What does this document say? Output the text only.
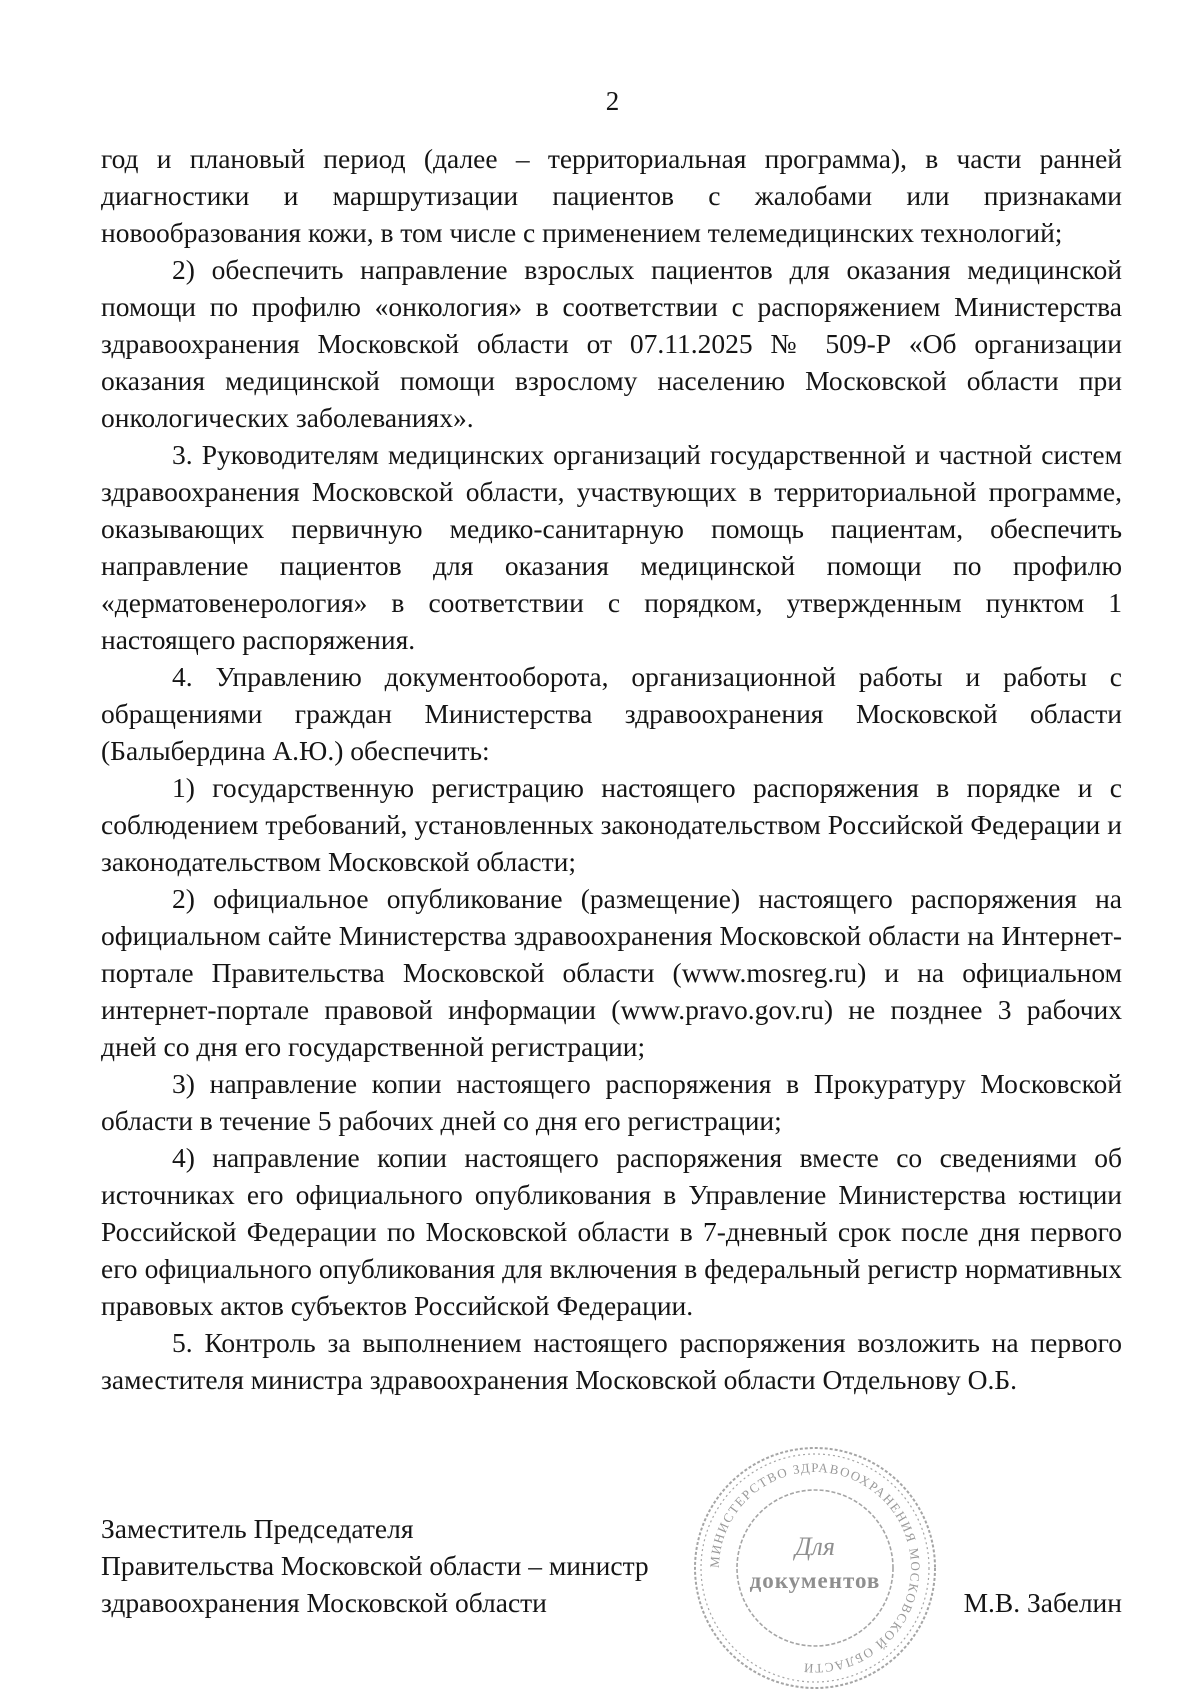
2

год и плановый период (далее – территориальная программа), в части ранней диагностики и маршрутизации пациентов с жалобами или признаками новообразования кожи, в том числе с применением телемедицинских технологий;

2) обеспечить направление взрослых пациентов для оказания медицинской помощи по профилю «онкология» в соответствии с распоряжением Министерства здравоохранения Московской области от 07.11.2025 № 509-Р «Об организации оказания медицинской помощи взрослому населению Московской области при онкологических заболеваниях».

3. Руководителям медицинских организаций государственной и частной систем здравоохранения Московской области, участвующих в территориальной программе, оказывающих первичную медико-санитарную помощь пациентам, обеспечить направление пациентов для оказания медицинской помощи по профилю «дерматовенерология» в соответствии с порядком, утвержденным пунктом 1 настоящего распоряжения.

4. Управлению документооборота, организационной работы и работы с обращениями граждан Министерства здравоохранения Московской области (Балыбердина А.Ю.) обеспечить:

1) государственную регистрацию настоящего распоряжения в порядке и с соблюдением требований, установленных законодательством Российской Федерации и законодательством Московской области;

2) официальное опубликование (размещение) настоящего распоряжения на официальном сайте Министерства здравоохранения Московской области на Интернет-портале Правительства Московской области (www.mosreg.ru) и на официальном интернет-портале правовой информации (www.pravo.gov.ru) не позднее 3 рабочих дней со дня его государственной регистрации;

3) направление копии настоящего распоряжения в Прокуратуру Московской области в течение 5 рабочих дней со дня его регистрации;

4) направление копии настоящего распоряжения вместе со сведениями об источниках его официального опубликования в Управление Министерства юстиции Российской Федерации по Московской области в 7-дневный срок после дня первого его официального опубликования для включения в федеральный регистр нормативных правовых актов субъектов Российской Федерации.

5. Контроль за выполнением настоящего распоряжения возложить на первого заместителя министра здравоохранения Московской области Отдельнову О.Б.

Заместитель Председателя
Правительства Московской области – министр
здравоохранения Московской области	М.В. Забелин
МИНИСТЕРСТВО ЗДРАВООХРАНЕНИЯ МОСКОВСКОЙ ОБЛАСТИ
Для
документов
